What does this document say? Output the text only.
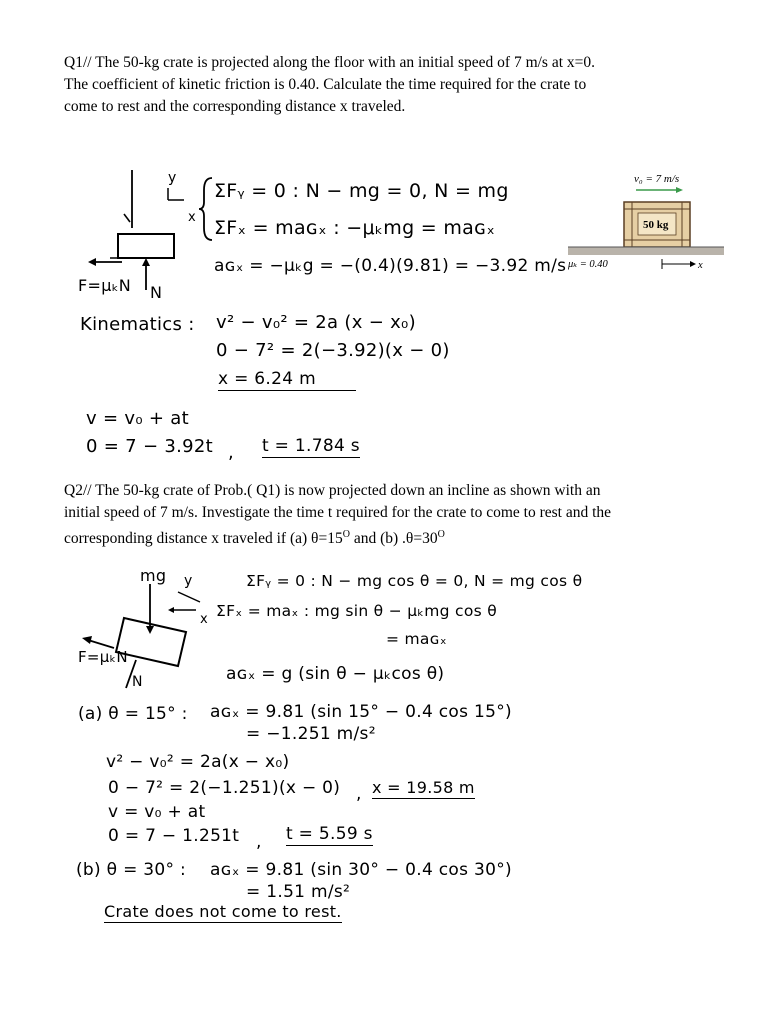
Q1// The 50-kg crate is projected along the floor with an initial speed of 7 m/s at x=0.
The coefficient of kinetic friction is 0.40. Calculate the time required for the crate to
come to rest and the corresponding distance x traveled.
v₀ = 7 m/s
50 kg
μₖ = 0.40	x
F=μₖN N
y
x
ΣFᵧ = 0 : N − mg = 0, N = mg
ΣFₓ = maɢₓ : −μₖmg = maɢₓ
aɢₓ = −μₖg = −(0.4)(9.81) = −3.92 m/s
Kinematics : v² − v₀² = 2a (x − x₀)
0 − 7² = 2(−3.92)(x − 0)
x = 6.24 m
v = v₀ + at
0 = 7 − 3.92t , t = 1.784 s
Q2// The 50-kg crate of Prob.( Q1) is now projected down an incline as shown with an
initial speed of 7 m/s. Investigate the time t required for the crate to come to rest and the
corresponding distance x traveled if (a) $\theta=15^O$ and (b) $.\theta=30^O$
mg y
x
F=μₖN
N
ΣFᵧ = 0 : N − mg cos θ = 0, N = mg cos θ
ΣFₓ = maₓ : mg sin θ − μₖmg cos θ
= maɢₓ
aɢₓ = g (sin θ − μₖcos θ)
(a) θ = 15° : aɢₓ = 9.81 (sin 15° − 0.4 cos 15°)
= −1.251 m/s²
v² − v₀² = 2a(x − x₀)
0 − 7² = 2(−1.251)(x − 0) , x = 19.58 m
v = v₀ + at
0 = 7 − 1.251t , t = 5.59 s
(b) θ = 30° : aɢₓ = 9.81 (sin 30° − 0.4 cos 30°)
= 1.51 m/s²
Crate does not come to rest.
